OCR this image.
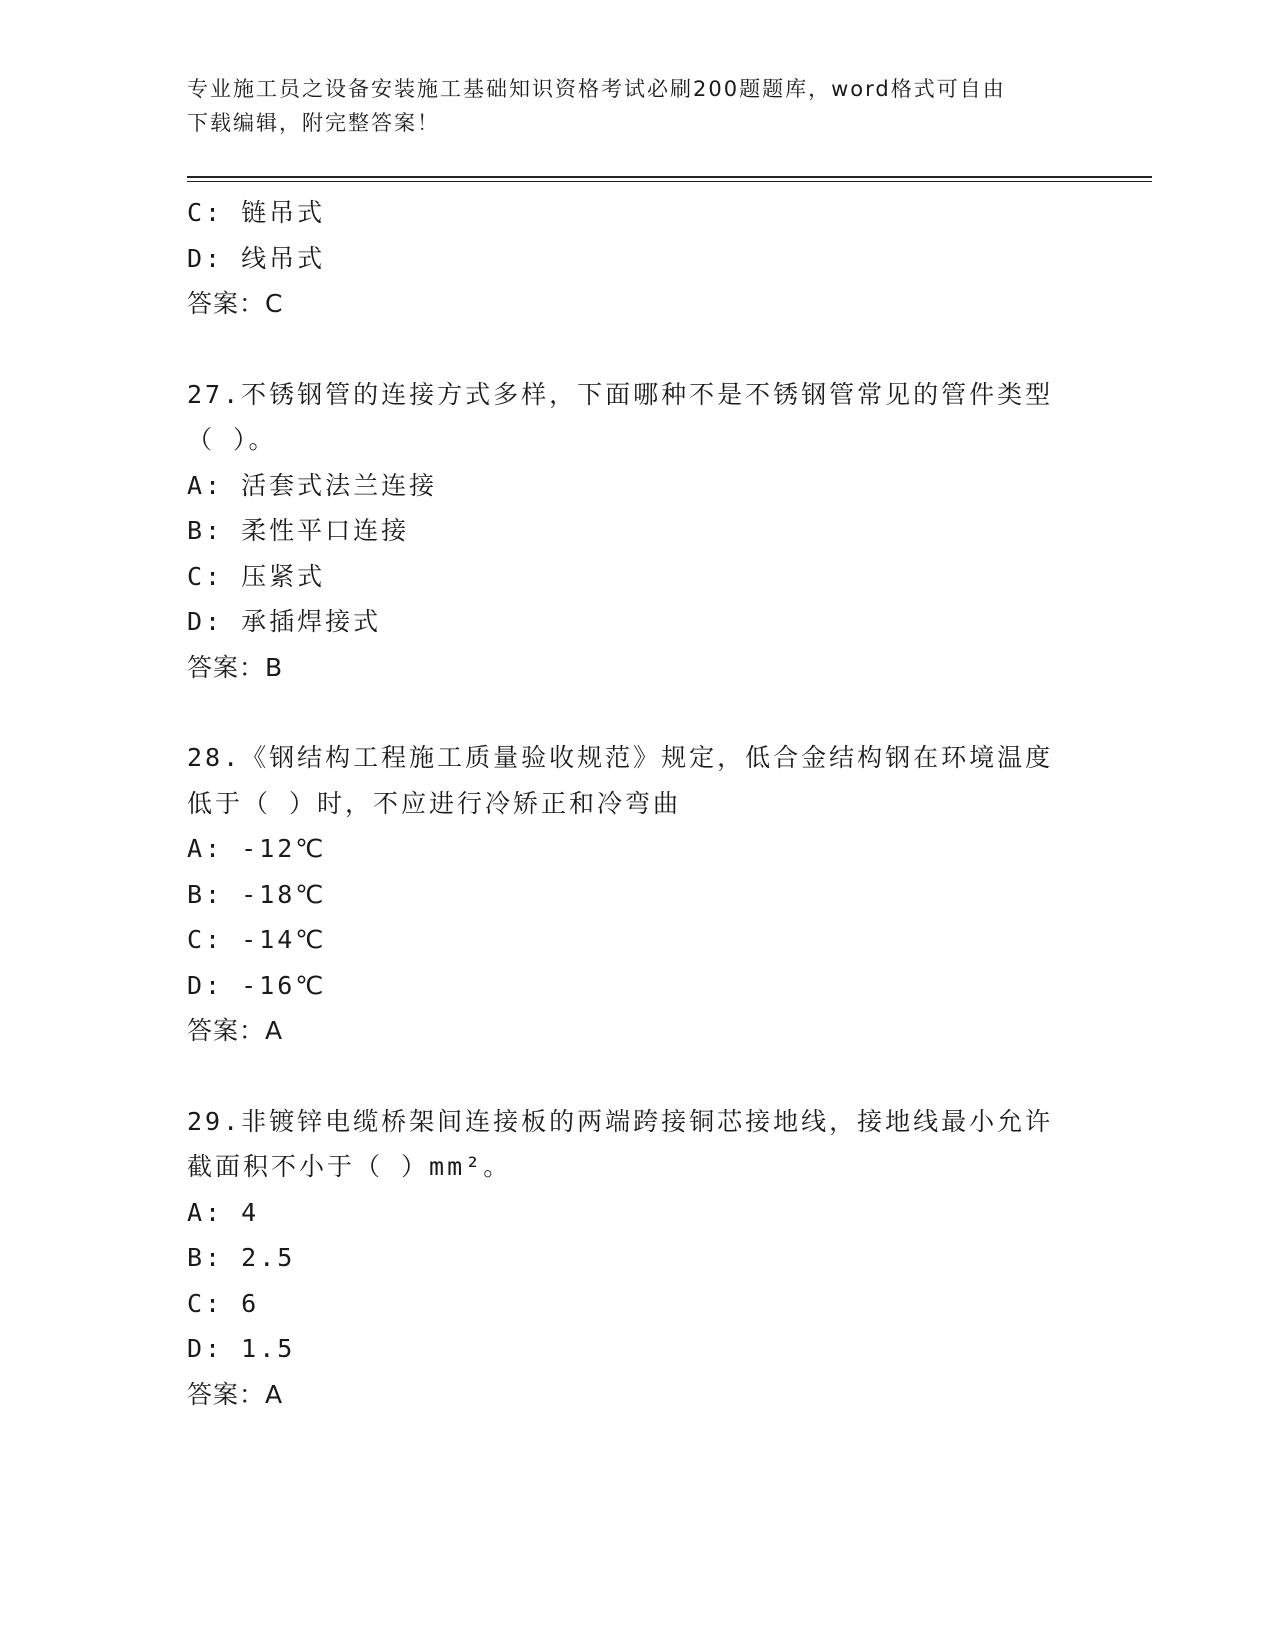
专业施工员之设备安装施工基础知识资格考试必刷200题题库，word格式可自由
下载编辑，附完整答案！
C: 链吊式
D: 线吊式
答案：C
27.不锈钢管的连接方式多样，下面哪种不是不锈钢管常见的管件类型
（ ）。
A: 活套式法兰连接
B: 柔性平口连接
C: 压紧式
D: 承插焊接式
答案：B
28.《钢结构工程施工质量验收规范》规定，低合金结构钢在环境温度
低于（ ）时，不应进行冷矫正和冷弯曲
A: -12℃
B: -18℃
C: -14℃
D: -16℃
答案：A
29.非镀锌电缆桥架间连接板的两端跨接铜芯接地线，接地线最小允许
截面积不小于（ ）mm²。
A: 4
B: 2.5
C: 6
D: 1.5
答案：A
